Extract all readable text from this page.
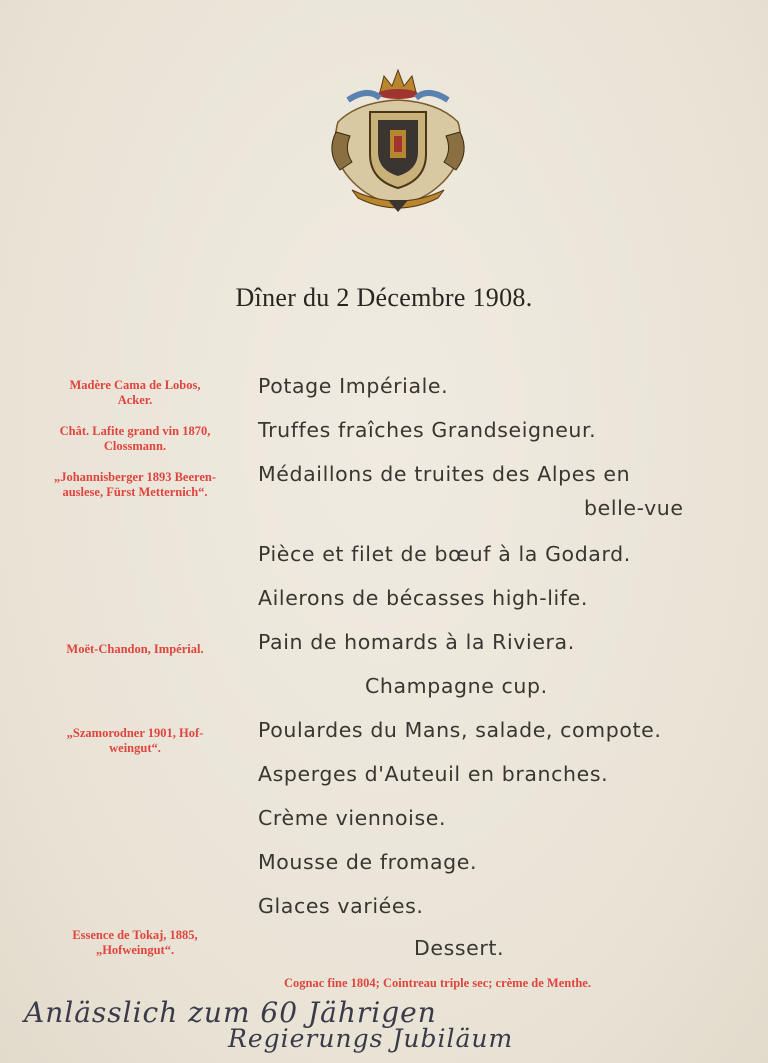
Dîner du 2 Décembre 1908.
Madère Cama de Lobos,
Acker.
Chât. Lafite grand vin 1870,
Clossmann.
„Johannisberger 1893 Beeren-
auslese, Fürst Metternich“.
Moët-Chandon, Impérial.
„Szamorodner 1901, Hof-
weingut“.
Essence de Tokaj, 1885,
„Hofweingut“.
Potage Impériale.
Truffes fraîches Grandseigneur.
Médaillons de truites des Alpes en
belle-vue
Pièce et filet de bœuf à la Godard.
Ailerons de bécasses high-life.
Pain de homards à la Riviera.
Champagne cup.
Poulardes du Mans, salade, compote.
Asperges d'Auteuil en branches.
Crème viennoise.
Mousse de fromage.
Glaces variées.
Dessert.
Cognac fine 1804; Cointreau triple sec; crème de Menthe.
Anlässlich zum 60 Jährigen
Regierungs Jubiläum
